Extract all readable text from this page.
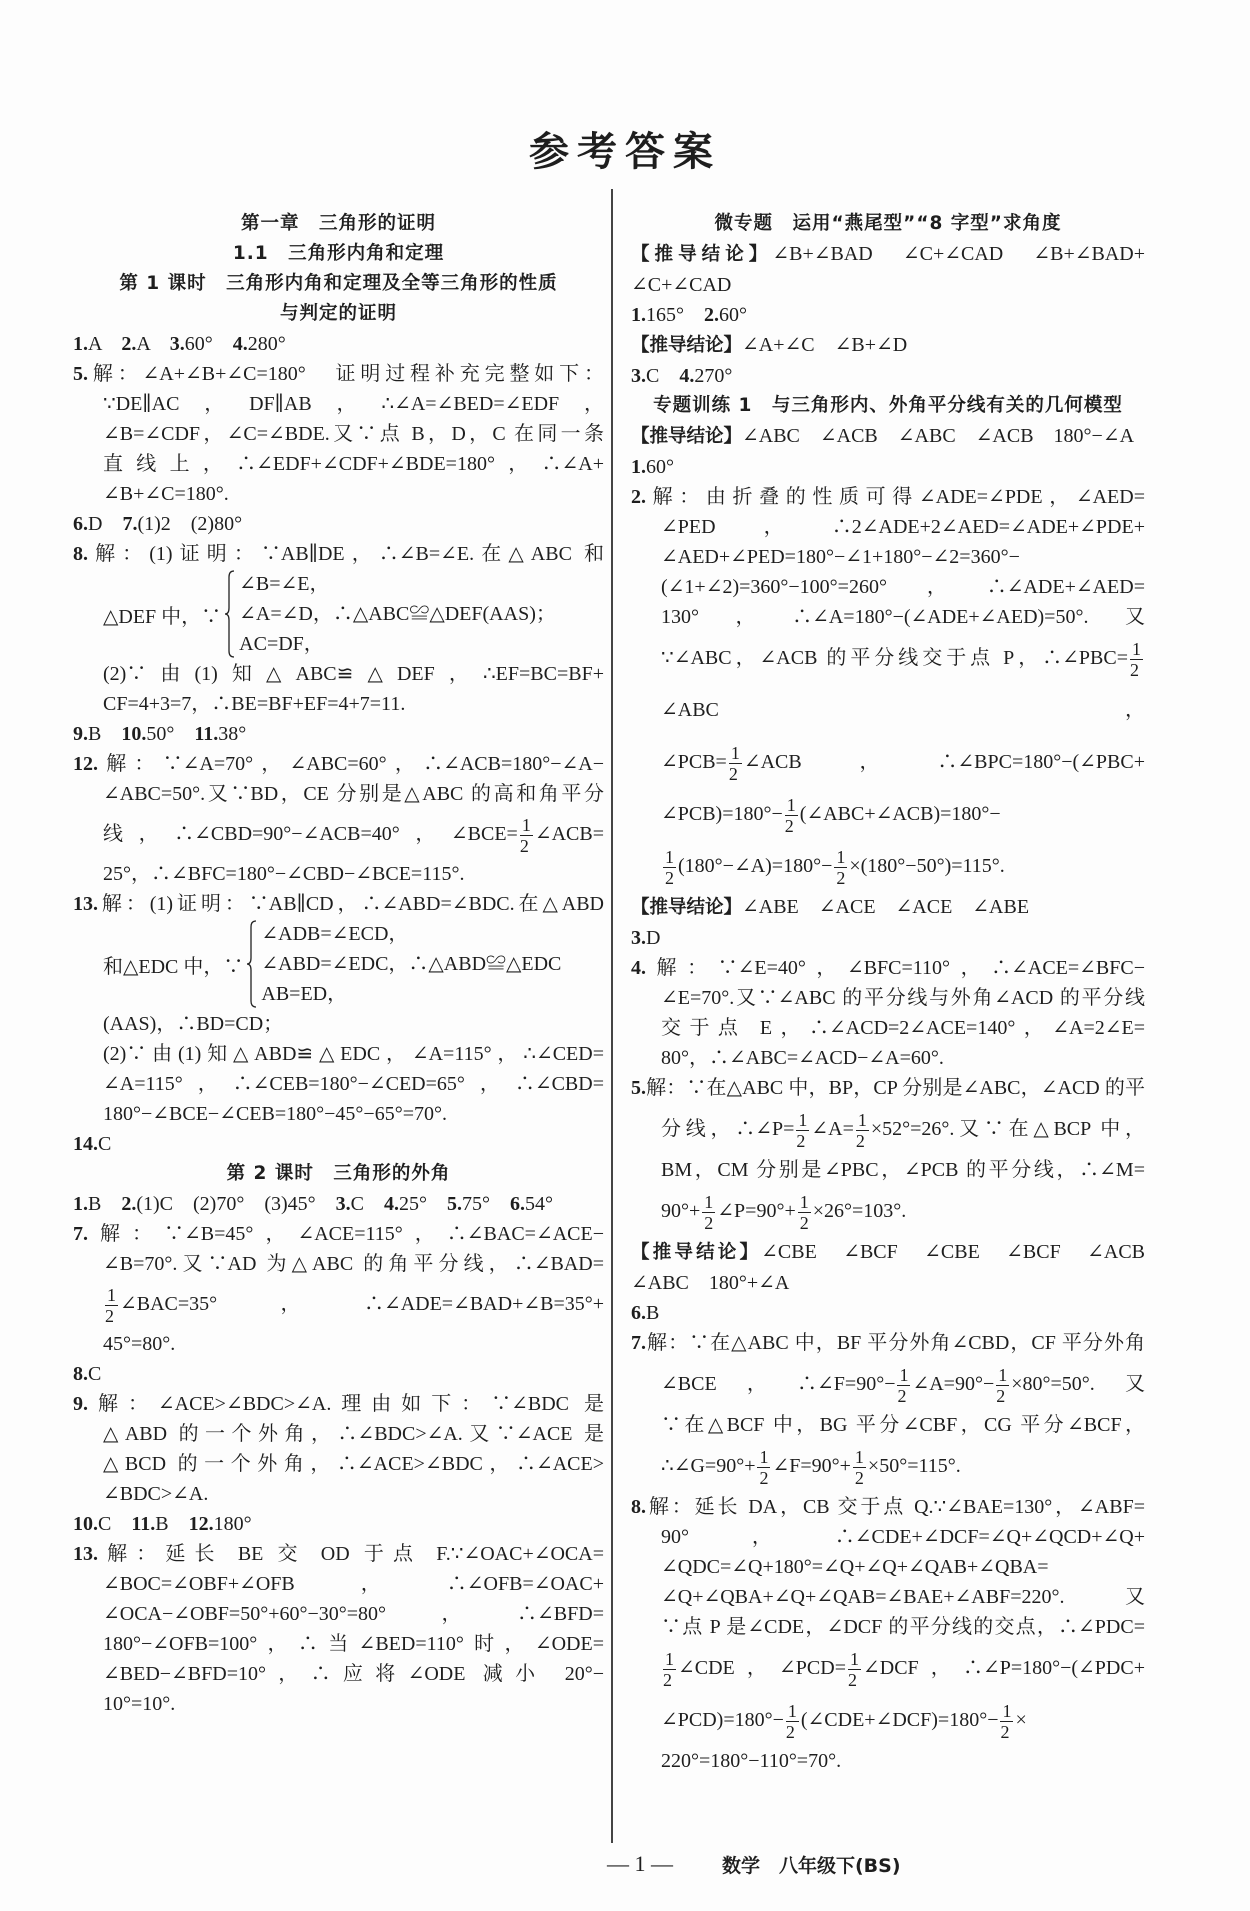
参考答案
第一章　三角形的证明
1.1　三角形内角和定理
第 1 课时　三角形内角和定理及全等三角形的性质
与判定的证明
1.A　2.A　3.60°　4.280°
5.解：∠A+∠B+∠C=180°　证明过程补充完整如下：
∵DE∥AC，DF∥AB，∴∠A=∠BED=∠EDF，
∠B=∠CDF，∠C=∠BDE.又∵点 B，D，C 在同一条
直线上，∴∠EDF+∠CDF+∠BDE=180°，∴∠A+
∠B+∠C=180°.
6.D　7.(1)2　(2)80°
8.解：(1)证明：∵AB∥DE，∴∠B=∠E.在△ABC 和
△DEF 中，∵
∠B=∠E，
∠A=∠D，∴△ABC≌△DEF(AAS)；
AC=DF，
(2)∵由(1)知△ABC≌△DEF，∴EF=BC=BF+
CF=4+3=7，∴BE=BF+EF=4+7=11.
9.B　10.50°　11.38°
12.解：∵∠A=70°，∠ABC=60°，∴∠ACB=180°−∠A−
∠ABC=50°.又∵BD，CE 分别是△ABC 的高和角平分
线，∴∠CBD=90°−∠ACB=40°，∠BCE= $\frac{1}{2}$ ∠ACB=
25°，∴∠BFC=180°−∠CBD−∠BCE=115°.
13.解：(1)证明：∵AB∥CD，∴∠ABD=∠BDC.在△ABD
和△EDC 中，∵
∠ADB=∠ECD，
∠ABD=∠EDC，∴△ABD≌△EDC
AB=ED，
(AAS)，∴BD=CD；
(2)∵由(1)知△ABD≌△EDC，∠A=115°，∴∠CED=
∠A=115°，∴∠CEB=180°−∠CED=65°，∴∠CBD=
180°−∠BCE−∠CEB=180°−45°−65°=70°.
14.C
第 2 课时　三角形的外角
1.B　2.(1)C　(2)70°　(3)45°　3.C　4.25°　5.75°　6.54°
7.解：∵∠B=45°，∠ACE=115°，∴∠BAC=∠ACE−
∠B=70°.又∵AD 为△ABC 的角平分线，∴∠BAD=
$\frac{1}{2}$ ∠BAC=35°，∴∠ADE=∠BAD+∠B=35°+
45°=80°.
8.C
9.解：∠ACE>∠BDC>∠A.理由如下：∵∠BDC 是
△ABD 的一个外角，∴∠BDC>∠A.又∵∠ACE 是
△BCD 的一个外角，∴∠ACE>∠BDC，∴∠ACE>
∠BDC>∠A.
10.C　11.B　12.180°
13.解：延长 BE 交 OD 于点 F.∵∠OAC+∠OCA=
∠BOC=∠OBF+∠OFB，∴∠OFB=∠OAC+
∠OCA−∠OBF=50°+60°−30°=80°，∴∠BFD=
180°−∠OFB=100°，∴当∠BED=110°时，∠ODE=
∠BED−∠BFD=10°，∴应将∠ODE 减小 20°−
10°=10°.
微专题　运用“燕尾型”“8 字型”求角度
【推导结论】∠B+∠BAD　∠C+∠CAD　∠B+∠BAD+
∠C+∠CAD
1.165°　2.60°
【推导结论】∠A+∠C　∠B+∠D
3.C　4.270°
专题训练 1　与三角形内、外角平分线有关的几何模型
【推导结论】∠ABC　∠ACB　∠ABC　∠ACB　180°−∠A
1.60°
2.解：由折叠的性质可得∠ADE=∠PDE，∠AED=
∠PED，∴2∠ADE+2∠AED=∠ADE+∠PDE+
∠AED+∠PED=180°−∠1+180°−∠2=360°−
(∠1+∠2)=360°−100°=260°，∴∠ADE+∠AED=
130°，∴∠A=180°−(∠ADE+∠AED)=50°.又
∵∠ABC，∠ACB 的平分线交于点 P，∴∠PBC= $\frac{1}{2}$
∠ABC，
∠PCB= $\frac{1}{2}$ ∠ACB，∴∠BPC=180°−(∠PBC+
∠PCB)=180°− $\frac{1}{2}$ (∠ABC+∠ACB)=180°−
$\frac{1}{2}$ (180°−∠A)=180°− $\frac{1}{2} \times(180^\circ-50^\circ)=115^\circ$.
【推导结论】∠ABE　∠ACE　∠ACE　∠ABE
3.D
4.解：∵∠E=40°，∠BFC=110°，∴∠ACE=∠BFC−
∠E=70°.又∵∠ABC 的平分线与外角∠ACD 的平分线
交于点 E，∴∠ACD=2∠ACE=140°，∠A=2∠E=
80°，∴∠ABC=∠ACD−∠A=60°.
5.解：∵在△ABC 中，BP，CP 分别是∠ABC，∠ACD 的平
分线，∴∠P= $\frac{1}{2}$ ∠A= $\frac{1}{2} \times 52^\circ=26^\circ$.又∵在△BCP 中，
BM，CM 分别是∠PBC，∠PCB 的平分线，∴∠M=
$90^\circ+ \frac{1}{2}$ ∠P=90°+ $\frac{1}{2} \times 26^\circ=103^\circ$.
【推导结论】∠CBE　∠BCF　∠CBE　∠BCF　∠ACB
∠ABC　180°+∠A
6.B
7.解：∵在△ABC 中，BF 平分外角∠CBD，CF 平分外角
∠BCE，∴∠F=90°− $\frac{1}{2}$ ∠A=90°− $\frac{1}{2} \times 80^\circ=50^\circ$.又
∵在△BCF 中，BG 平分∠CBF，CG 平分∠BCF，
∴∠G=90°+ $\frac{1}{2}$ ∠F=90°+ $\frac{1}{2} \times 50^\circ=115^\circ$.
8.解：延长 DA，CB 交于点 Q.∵∠BAE=130°，∠ABF=
90°，∴∠CDE+∠DCF=∠Q+∠QCD+∠Q+
∠QDC=∠Q+180°=∠Q+∠Q+∠QAB+∠QBA=
∠Q+∠QBA+∠Q+∠QAB=∠BAE+∠ABF=220°.又
∵点 P 是∠CDE，∠DCF 的平分线的交点，∴∠PDC=
$\frac{1}{2}$ ∠CDE，∠PCD= $\frac{1}{2}$ ∠DCF，∴∠P=180°−(∠PDC+
∠PCD)=180°− $\frac{1}{2}$ (∠CDE+∠DCF)=180°− $\frac{1}{2}$ ×
220°=180°−110°=70°.
— 1 —	数学　八年级下(BS)
